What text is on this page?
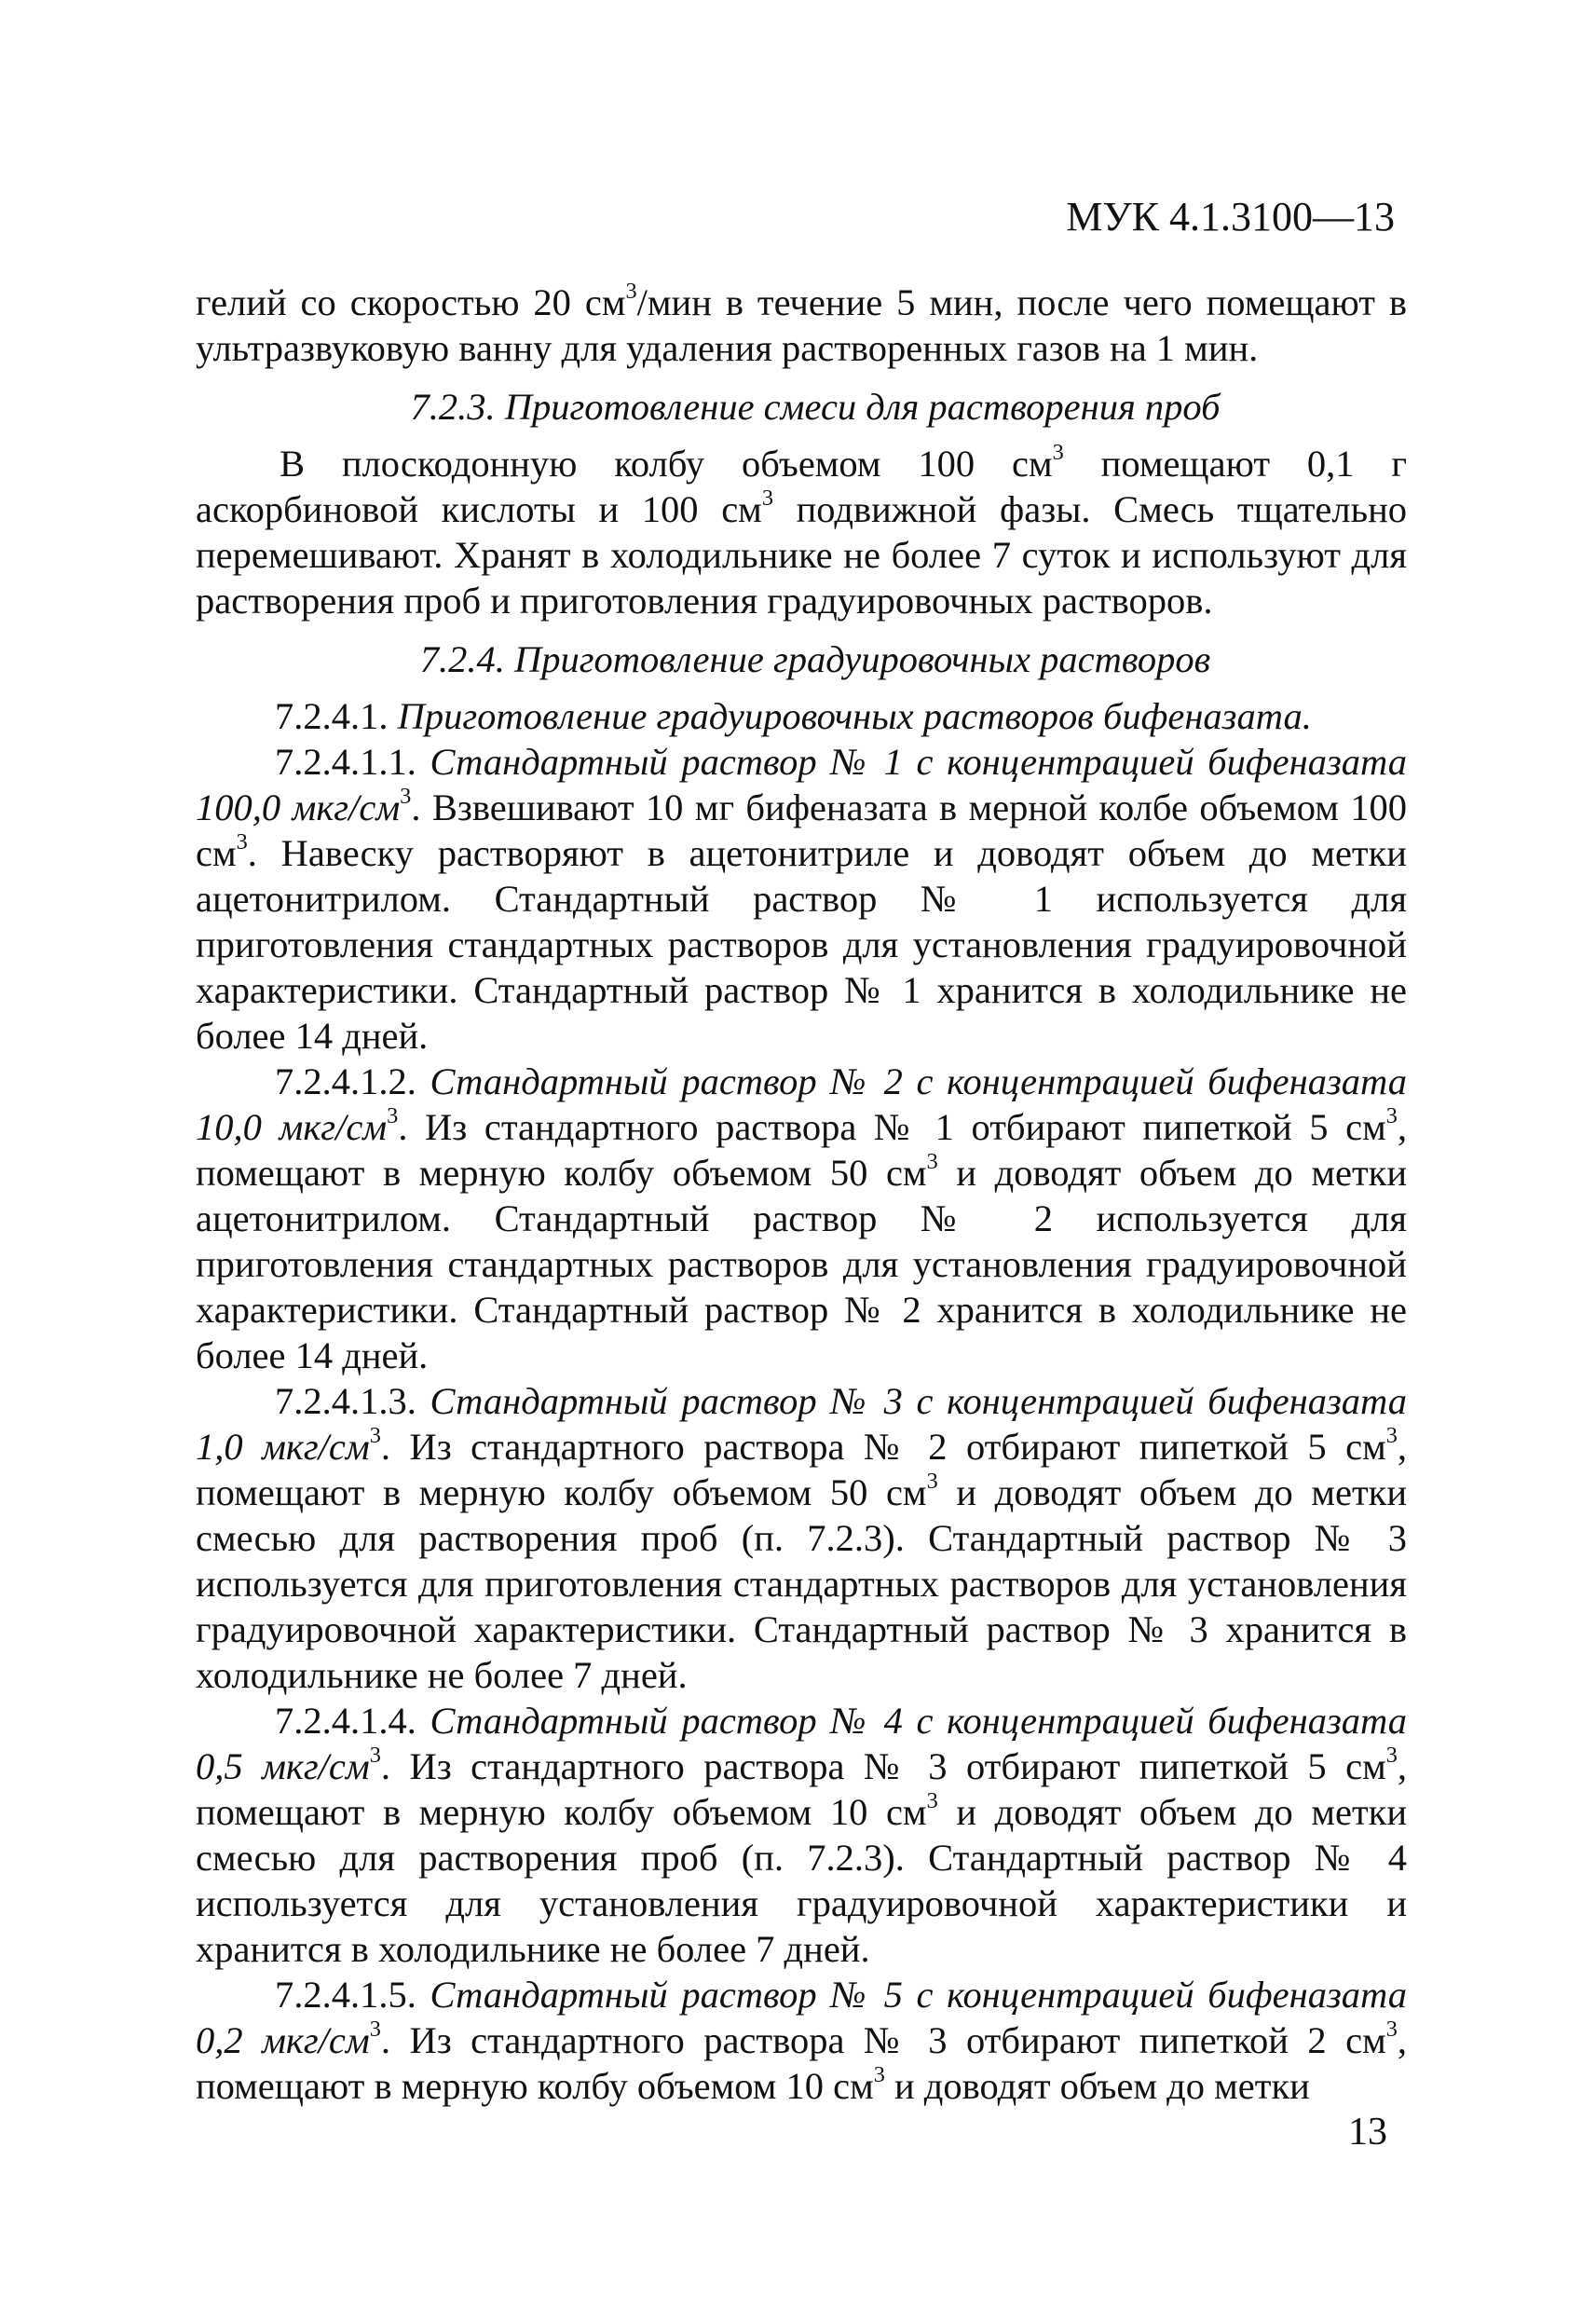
МУК 4.1.3100—13

гелий со скоростью 20 $см^3$/мин в течение 5 мин, после чего помещают в ультразвуковую ванну для удаления растворенных газов на 1 мин.

7.2.3. Приготовление смеси для растворения проб

В плоскодонную колбу объемом 100 $см^3$ помещают 0,1 г аскорбиновой кислоты и 100 $см^3$ подвижной фазы. Смесь тщательно перемешивают. Хранят в холодильнике не более 7 суток и используют для растворения проб и приготовления градуировочных растворов.

7.2.4. Приготовление градуировочных растворов

7.2.4.1. Приготовление градуировочных растворов бифеназата.

7.2.4.1.1. Стандартный раствор № 1 с концентрацией бифеназата 100,0 мкг/$см^3$. Взвешивают 10 мг бифеназата в мерной колбе объемом 100 $см^3$. Навеску растворяют в ацетонитриле и доводят объем до метки ацетонитрилом. Стандартный раствор № 1 используется для приготовления стандартных растворов для установления градуировочной характеристики. Стандартный раствор № 1 хранится в холодильнике не более 14 дней.

7.2.4.1.2. Стандартный раствор № 2 с концентрацией бифеназата 10,0 мкг/$см^3$. Из стандартного раствора № 1 отбирают пипеткой 5 $см^3$, помещают в мерную колбу объемом 50 $см^3$ и доводят объем до метки ацетонитрилом. Стандартный раствор № 2 используется для приготовления стандартных растворов для установления градуировочной характеристики. Стандартный раствор № 2 хранится в холодильнике не более 14 дней.

7.2.4.1.3. Стандартный раствор № 3 с концентрацией бифеназата 1,0 мкг/$см^3$. Из стандартного раствора № 2 отбирают пипеткой 5 $см^3$, помещают в мерную колбу объемом 50 $см^3$ и доводят объем до метки смесью для растворения проб (п. 7.2.3). Стандартный раствор № 3 используется для приготовления стандартных растворов для установления градуировочной характеристики. Стандартный раствор № 3 хранится в холодильнике не более 7 дней.

7.2.4.1.4. Стандартный раствор № 4 с концентрацией бифеназата 0,5 мкг/$см^3$. Из стандартного раствора № 3 отбирают пипеткой 5 $см^3$, помещают в мерную колбу объемом 10 $см^3$ и доводят объем до метки смесью для растворения проб (п. 7.2.3). Стандартный раствор № 4 используется для установления градуировочной характеристики и хранится в холодильнике не более 7 дней.

7.2.4.1.5. Стандартный раствор № 5 с концентрацией бифеназата 0,2 мкг/$см^3$. Из стандартного раствора № 3 отбирают пипеткой 2 $см^3$, помещают в мерную колбу объемом 10 $см^3$ и доводят объем до метки

13
